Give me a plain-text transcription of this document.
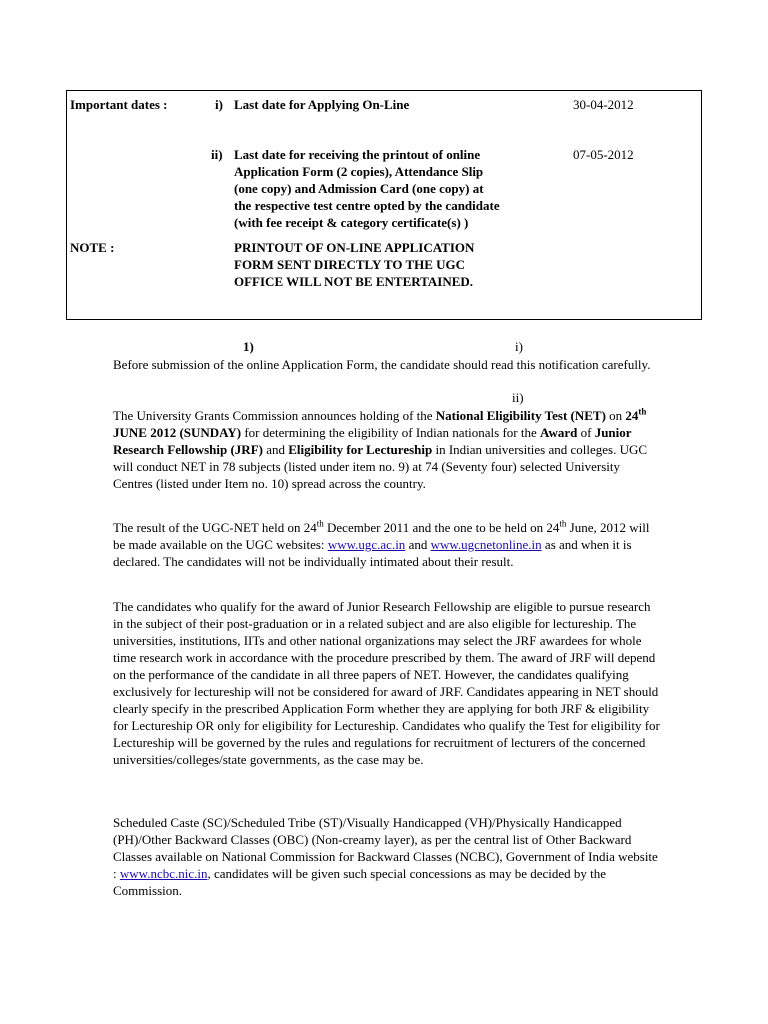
Important dates :	i) Last date for Applying On-Line	30-04-2012
ii) Last date for receiving the printout of online
Application Form (2 copies), Attendance Slip
(one copy) and Admission Card (one copy) at
the respective test centre opted by the candidate
(with fee receipt & category certificate(s) )
07-05-2012
NOTE :	PRINTOUT OF ON-LINE APPLICATION
FORM SENT DIRECTLY TO THE UGC
OFFICE WILL NOT BE ENTERTAINED.
1)	i)

Before submission of the online Application Form, the candidate should read this notification carefully.

ii)

The University Grants Commission announces holding of the National Eligibility Test (NET) on 24th JUNE 2012 (SUNDAY) for determining the eligibility of Indian nationals for the Award of Junior Research Fellowship (JRF) and Eligibility for Lectureship in Indian universities and colleges. UGC will conduct NET in 78 subjects (listed under item no. 9) at 74 (Seventy four) selected University Centres (listed under Item no. 10) spread across the country.

The result of the UGC-NET held on 24th December 2011 and the one to be held on 24th June, 2012 will be made available on the UGC websites: www.ugc.ac.in and www.ugcnetonline.in as and when it is declared. The candidates will not be individually intimated about their result.

The candidates who qualify for the award of Junior Research Fellowship are eligible to pursue research in the subject of their post-graduation or in a related subject and are also eligible for lectureship. The universities, institutions, IITs and other national organizations may select the JRF awardees for whole time research work in accordance with the procedure prescribed by them. The award of JRF will depend on the performance of the candidate in all three papers of NET. However, the candidates qualifying exclusively for lectureship will not be considered for award of JRF. Candidates appearing in NET should clearly specify in the prescribed Application Form whether they are applying for both JRF & eligibility for Lectureship OR only for eligibility for Lectureship. Candidates who qualify the Test for eligibility for Lectureship will be governed by the rules and regulations for recruitment of lecturers of the concerned universities/colleges/state governments, as the case may be.

Scheduled Caste (SC)/Scheduled Tribe (ST)/Visually Handicapped (VH)/Physically Handicapped (PH)/Other Backward Classes (OBC) (Non-creamy layer), as per the central list of Other Backward Classes available on National Commission for Backward Classes (NCBC), Government of India website : www.ncbc.nic.in, candidates will be given such special concessions as may be decided by the Commission.
